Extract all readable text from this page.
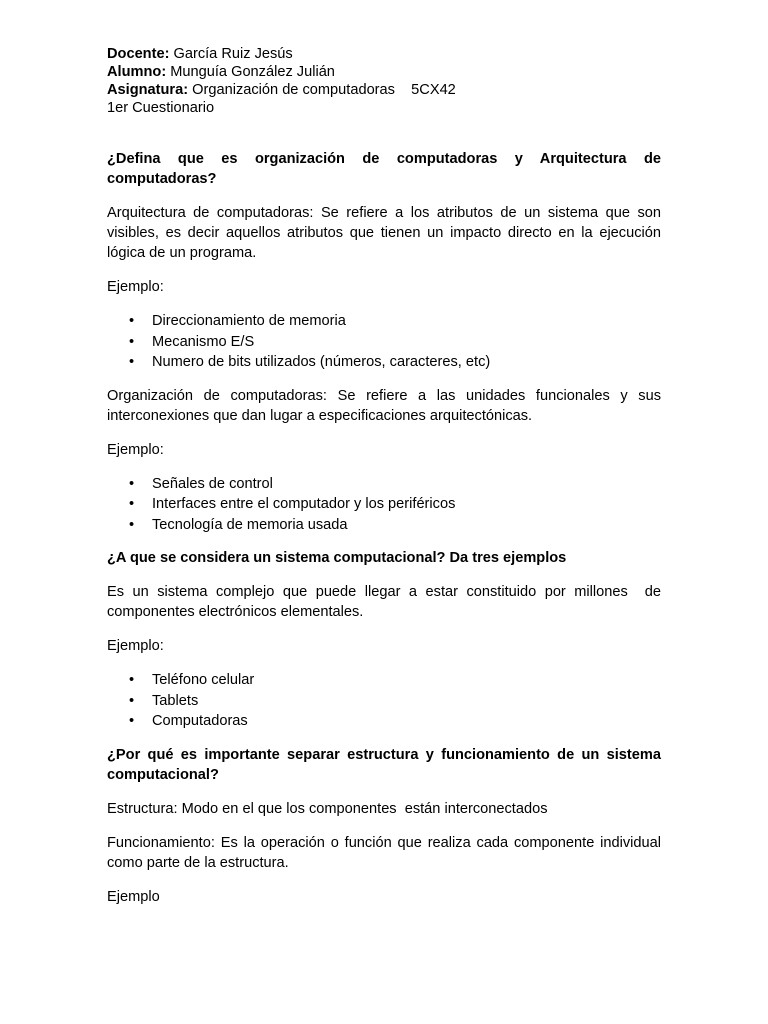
Docente: García Ruiz Jesús

Alumno: Munguía González Julián

Asignatura: Organización de computadoras    5CX42

1er Cuestionario

¿Defina que es organización de computadoras y Arquitectura de computadoras?

Arquitectura de computadoras: Se refiere a los atributos de un sistema que son visibles, es decir aquellos atributos que tienen un impacto directo en la ejecución lógica de un programa.

Ejemplo:

• Direccionamiento de memoria
• Mecanismo E/S
• Numero de bits utilizados (números, caracteres, etc)

Organización de computadoras: Se refiere a las unidades funcionales y sus interconexiones que dan lugar a especificaciones arquitectónicas.

Ejemplo:

• Señales de control
• Interfaces entre el computador y los periféricos
• Tecnología de memoria usada

¿A que se considera un sistema computacional? Da tres ejemplos

Es un sistema complejo que puede llegar a estar constituido por millones  de componentes electrónicos elementales.

Ejemplo:

• Teléfono celular
• Tablets
• Computadoras

¿Por qué es importante separar estructura y funcionamiento de un sistema computacional?

Estructura: Modo en el que los componentes  están interconectados

Funcionamiento: Es la operación o función que realiza cada componente individual como parte de la estructura.

Ejemplo
